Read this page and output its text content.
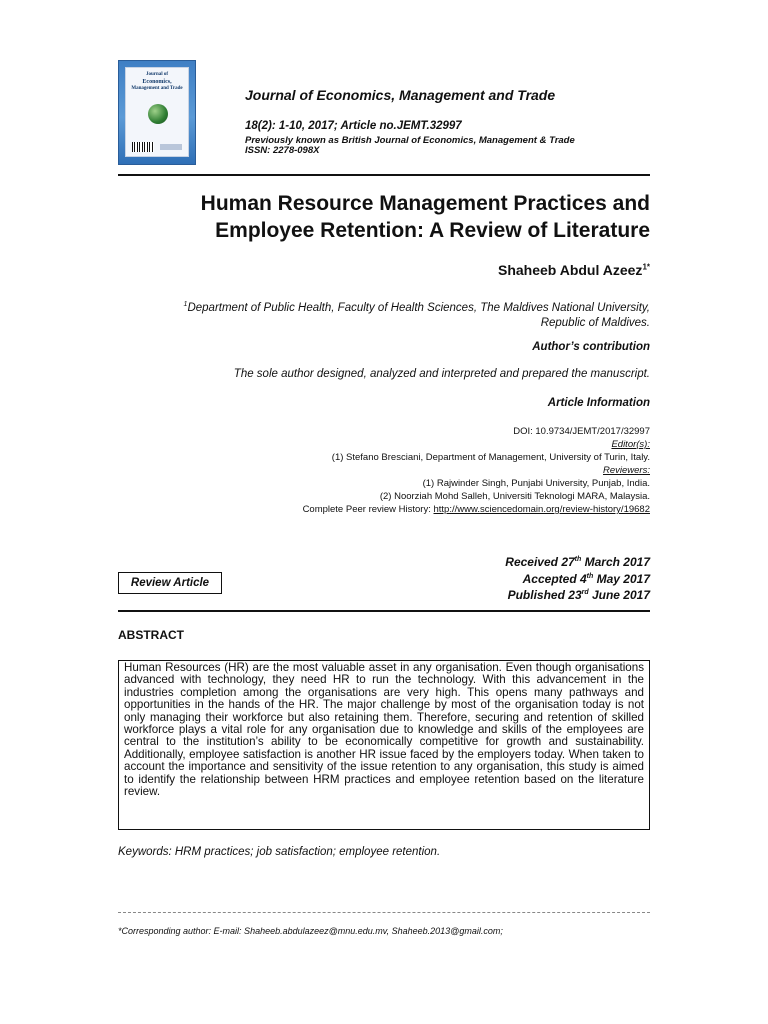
Journal of
Economics,
Management and Trade	Journal of Economics, Management and Trade
18(2): 1-10, 2017; Article no.JEMT.32997
Previously known as British Journal of Economics, Management & Trade
ISSN: 2278-098X
Human Resource Management Practices and
Employee Retention: A Review of Literature
Shaheeb Abdul Azeez$^{1*}$
$^1$Department of Public Health, Faculty of Health Sciences, The Maldives National University,
Republic of Maldives.
Author’s contribution
The sole author designed, analyzed and interpreted and prepared the manuscript.
Article Information
DOI: 10.9734/JEMT/2017/32997
Editor(s):
(1) Stefano Bresciani, Department of Management, University of Turin, Italy.
Reviewers:
(1) Rajwinder Singh, Punjabi University, Punjab, India.
(2) Noorziah Mohd Salleh, Universiti Teknologi MARA, Malaysia.
Complete Peer review History: http://www.sciencedomain.org/review-history/19682
Received 27th March 2017
Accepted 4th May 2017
Published 23rd June 2017
Review Article
ABSTRACT
Human Resources (HR) are the most valuable asset in any organisation. Even though organisations advanced with technology, they need HR to run the technology. With this advancement in the industries completion among the organisations are very high. This opens many pathways and opportunities in the hands of the HR. The major challenge by most of the organisation today is not only managing their workforce but also retaining them. Therefore, securing and retention of skilled workforce plays a vital role for any organisation due to knowledge and skills of the employees are central to the institution’s ability to be economically competitive for growth and sustainability. Additionally, employee satisfaction is another HR issue faced by the employers today. When taken to account the importance and sensitivity of the issue retention to any organisation, this study is aimed to identify the relationship between HRM practices and employee retention based on the literature review.
Keywords: HRM practices; job satisfaction; employee retention.
*Corresponding author: E-mail: Shaheeb.abdulazeez@mnu.edu.mv, Shaheeb.2013@gmail.com;
